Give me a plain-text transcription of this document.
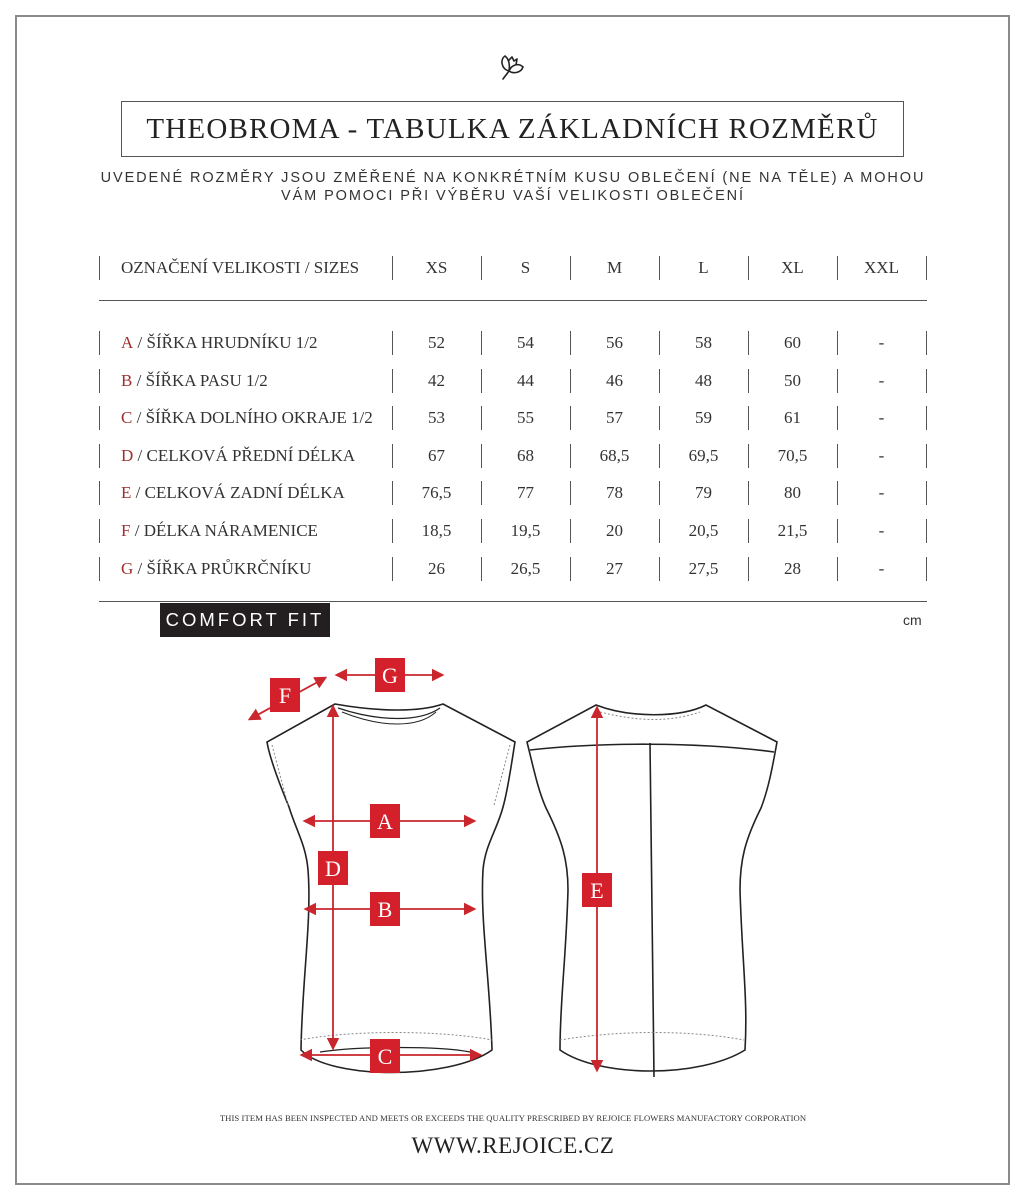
THEOBROMA - TABULKA ZÁKLADNÍCH ROZMĚRŮ
UVEDENÉ ROZMĚRY JSOU ZMĚŘENÉ NA KONKRÉTNÍM KUSU OBLEČENÍ (NE NA TĚLE) A MOHOU
VÁM POMOCI PŘI VÝBĚRU VAŠÍ VELIKOSTI OBLEČENÍ
OZNAČENÍ VELIKOSTI / SIZES	XS	S	M	L	XL	XXL
A / ŠÍŘKA HRUDNÍKU 1/2	52	54	56	58	60	-
B / ŠÍŘKA PASU 1/2	42	44	46	48	50	-
C / ŠÍŘKA DOLNÍHO OKRAJE 1/2	53	55	57	59	61	-
D / CELKOVÁ PŘEDNÍ DÉLKA	67	68	68,5	69,5	70,5	-
E / CELKOVÁ ZADNÍ DÉLKA	76,5	77	78	79	80	-
F / DÉLKA NÁRAMENICE	18,5	19,5	20	20,5	21,5	-
G / ŠÍŘKA PRŮKRČNÍKU	26	26,5	27	27,5	28	-
COMFORT FIT	cm
F
G
A
D
B
C
E
THIS ITEM HAS BEEN INSPECTED AND MEETS OR EXCEEDS THE QUALITY PRESCRIBED BY REJOICE FLOWERS MANUFACTORY CORPORATION
WWW.REJOICE.CZ
